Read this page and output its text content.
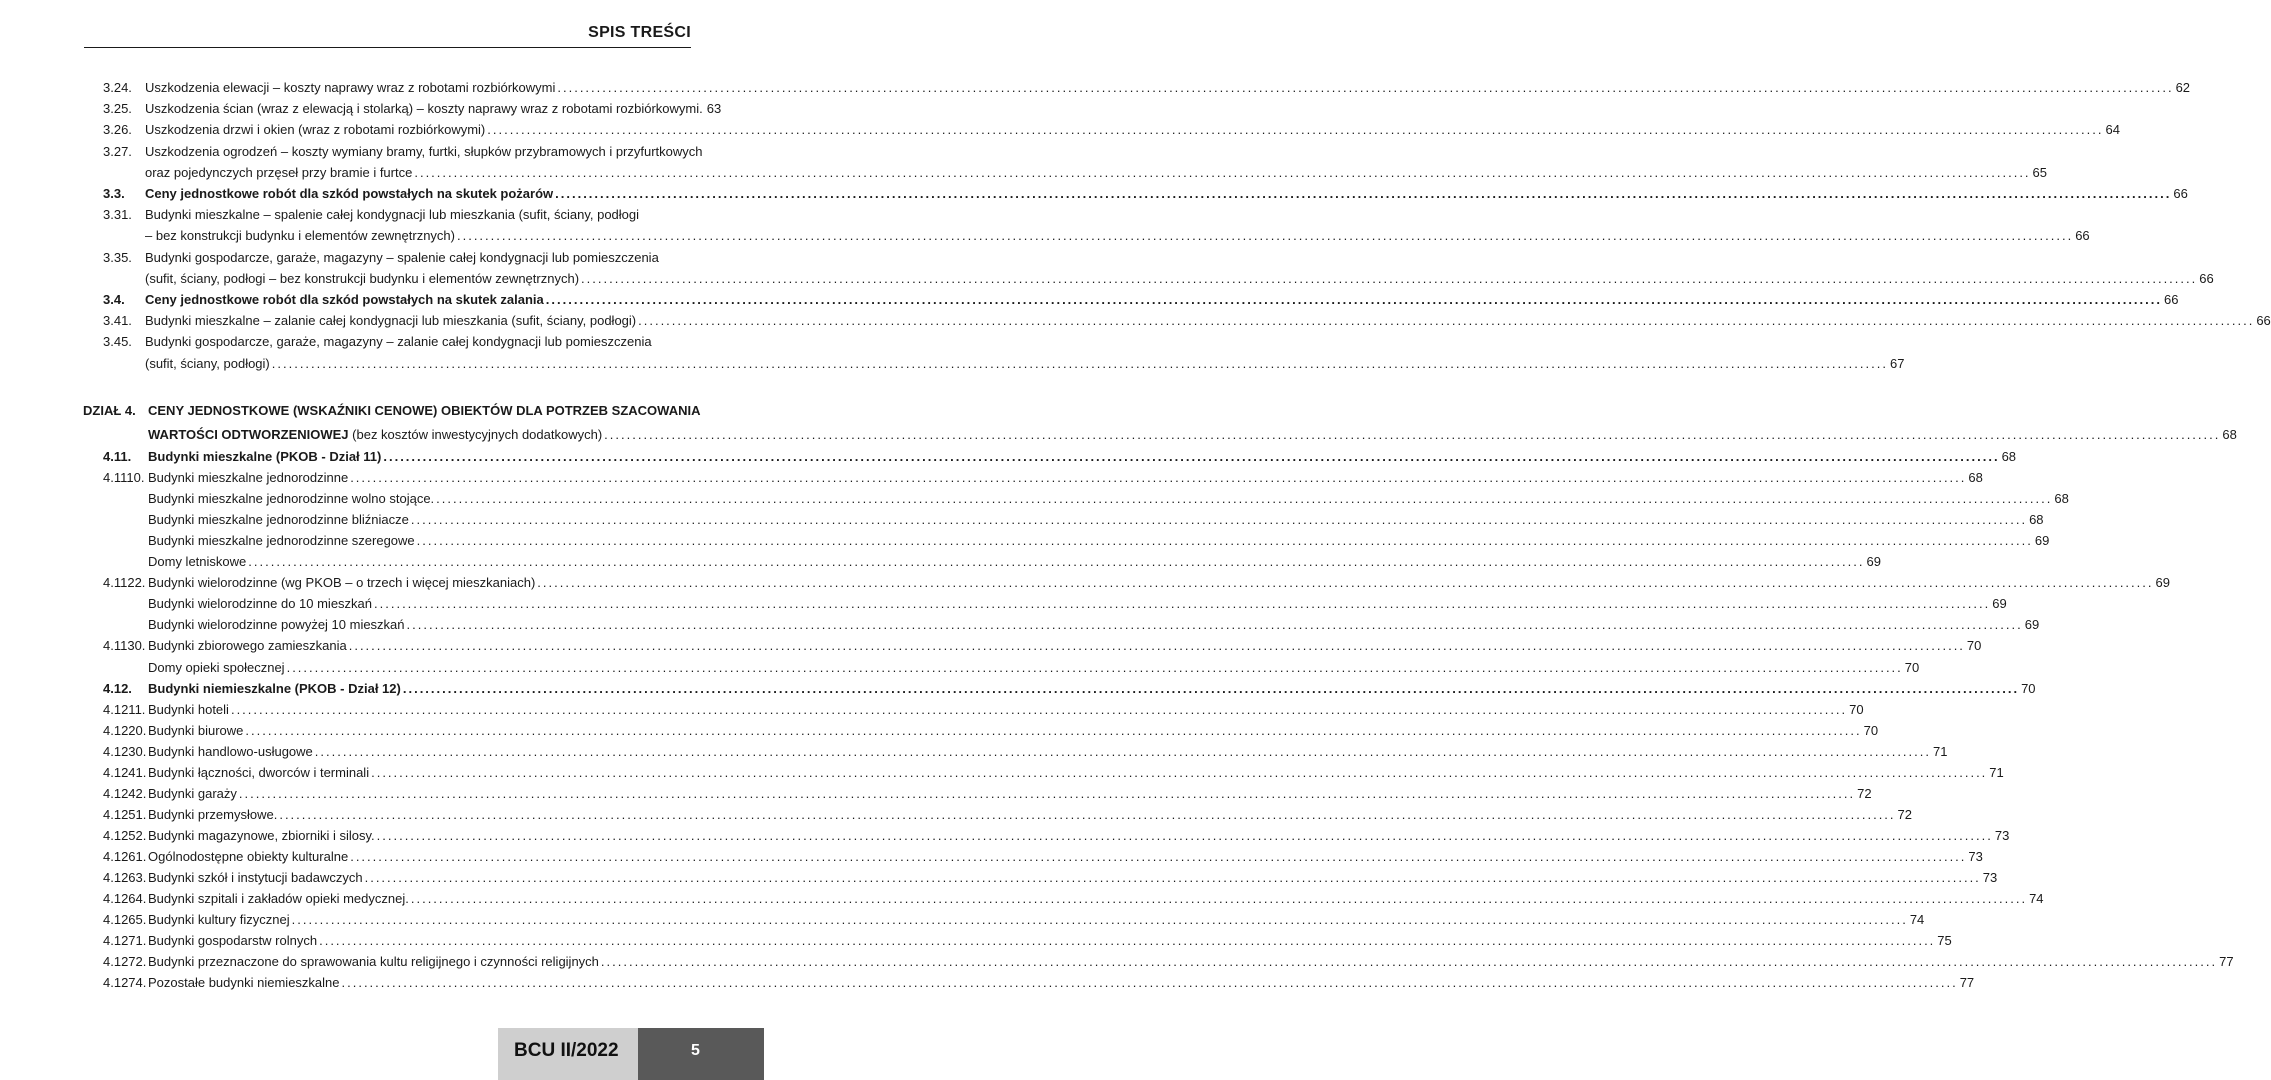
SPIS TREŚCI
3.24. Uszkodzenia elewacji – koszty naprawy wraz z robotami rozbiórkowymi .....	62
3.25. Uszkodzenia ścian (wraz z elewacją i stolarką) – koszty naprawy wraz z robotami rozbiórkowymi. 63
3.26. Uszkodzenia drzwi i okien (wraz z robotami rozbiórkowymi) .....	64
3.27. Uszkodzenia ogrodzeń – koszty wymiany bramy, furtki, słupków przybramowych i przyfurtkowych
oraz pojedynczych przęseł przy bramie i furtce .....	65
3.3. Ceny jednostkowe robót dla szkód powstałych na skutek pożarów .....	66
3.31. Budynki mieszkalne – spalenie całej kondygnacji lub mieszkania (sufit, ściany, podłogi
– bez konstrukcji budynku i elementów zewnętrznych) .....	66
3.35. Budynki gospodarcze, garaże, magazyny – spalenie całej kondygnacji lub pomieszczenia
(sufit, ściany, podłogi – bez konstrukcji budynku i elementów zewnętrznych) .....	66
3.4. Ceny jednostkowe robót dla szkód powstałych na skutek zalania .....	66
3.41. Budynki mieszkalne – zalanie całej kondygnacji lub mieszkania (sufit, ściany, podłogi) .....	66
3.45. Budynki gospodarcze, garaże, magazyny – zalanie całej kondygnacji lub pomieszczenia
(sufit, ściany, podłogi) .....	67
DZIAŁ 4. CENY JEDNOSTKOWE (WSKAŹNIKI CENOWE) OBIEKTÓW DLA POTRZEB SZACOWANIA
WARTOŚCI ODTWORZENIOWEJ (bez kosztów inwestycyjnych dodatkowych) .....	68
4.11. Budynki mieszkalne (PKOB - Dział 11) .....	68
4.1110. Budynki mieszkalne jednorodzinne .....	68
Budynki mieszkalne jednorodzinne wolno stojące. .....	68
Budynki mieszkalne jednorodzinne bliźniacze .....	68
Budynki mieszkalne jednorodzinne szeregowe .....	69
Domy letniskowe .....	69
4.1122. Budynki wielorodzinne (wg PKOB – o trzech i więcej mieszkaniach) .....	69
Budynki wielorodzinne do 10 mieszkań .....	69
Budynki wielorodzinne powyżej 10 mieszkań .....	69
4.1130. Budynki zbiorowego zamieszkania .....	70
Domy opieki społecznej .....	70
4.12. Budynki niemieszkalne (PKOB - Dział 12) .....	70
4.1211. Budynki hoteli .....	70
4.1220. Budynki biurowe .....	70
4.1230. Budynki handlowo-usługowe .....	71
4.1241. Budynki łączności, dworców i terminali .....	71
4.1242. Budynki garaży .....	72
4.1251. Budynki przemysłowe. .....	72
4.1252. Budynki magazynowe, zbiorniki i silosy. .....	73
4.1261. Ogólnodostępne obiekty kulturalne .....	73
4.1263. Budynki szkół i instytucji badawczych .....	73
4.1264. Budynki szpitali i zakładów opieki medycznej. .....	74
4.1265. Budynki kultury fizycznej .....	74
4.1271. Budynki gospodarstw rolnych .....	75
4.1272. Budynki przeznaczone do sprawowania kultu religijnego i czynności religijnych .....	77
4.1274. Pozostałe budynki niemieszkalne .....	77
BCU II/2022	5
